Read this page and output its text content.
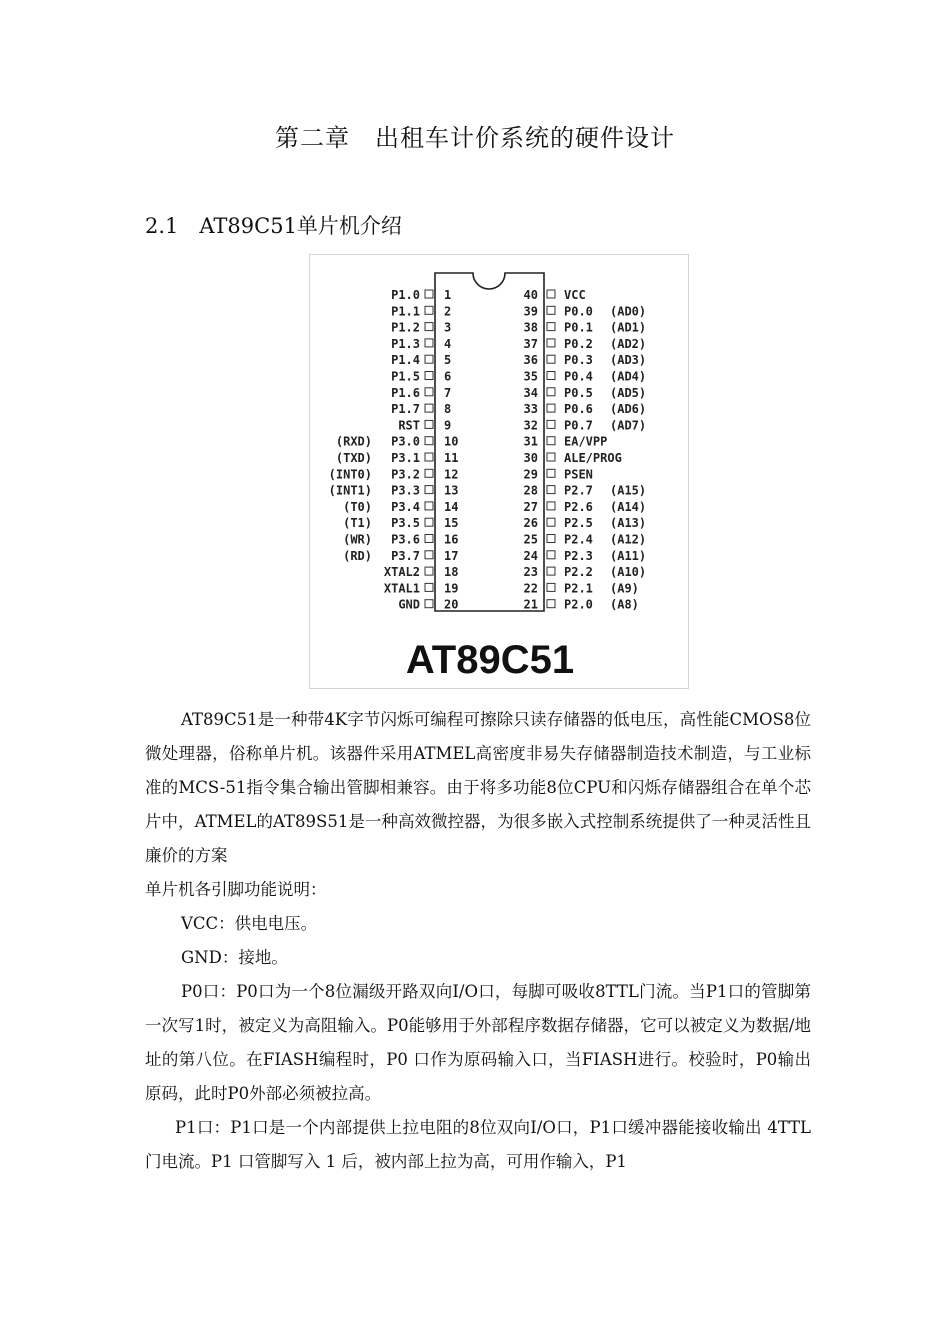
第二章　出租车计价系统的硬件设计
2.1　AT89C51单片机介绍
P1.0 1
P1.1 2
P1.2 3
P1.3 4
P1.4 5
P1.5 6
P1.6 7
P1.7 8
RST 9
(RXD) P3.0 10
(TXD) P3.1 11
(INT0) P3.2 12
(INT1) P3.3 13
(T0) P3.4 14
(T1) P3.5 15
(WR) P3.6 16
(RD) P3.7 17
XTAL2 18
XTAL1 19
GND 20
40 VCC
39 P0.0 (AD0)
38 P0.1 (AD1)
37 P0.2 (AD2)
36 P0.3 (AD3)
35 P0.4 (AD4)
34 P0.5 (AD5)
33 P0.6 (AD6)
32 P0.7 (AD7)
31 EA/VPP
30 ALE/PROG
29 PSEN
28 P2.7 (A15)
27 P2.6 (A14)
26 P2.5 (A13)
25 P2.4 (A12)
24 P2.3 (A11)
23 P2.2 (A10)
22 P2.1 (A9)
21 P2.0 (A8)
AT89C51

AT89C51是一种带4K字节闪烁可编程可擦除只读存储器的低电压，高性能CMOS8位微处理器，俗称单片机。该器件采用ATMEL高密度非易失存储器制造技术制造，与工业标准的MCS-51指令集合输出管脚相兼容。由于将多功能8位CPU和闪烁存储器组合在单个芯片中，ATMEL的AT89S51是一种高效微控器，为很多嵌入式控制系统提供了一种灵活性且廉价的方案

单片机各引脚功能说明：

VCC：供电电压。

GND：接地。

P0口：P0口为一个8位漏级开路双向I/O口，每脚可吸收8TTL门流。当P1口的管脚第一次写1时，被定义为高阻输入。P0能够用于外部程序数据存储器，它可以被定义为数据/地址的第八位。在FIASH编程时，P0 口作为原码输入口，当FIASH进行。校验时，P0输出原码，此时P0外部必须被拉高。

P1口：P1口是一个内部提供上拉电阻的8位双向I/O口，P1口缓冲器能接收输出 4TTL 门电流。P1 口管脚写入 1 后，被内部上拉为高，可用作输入，P1
